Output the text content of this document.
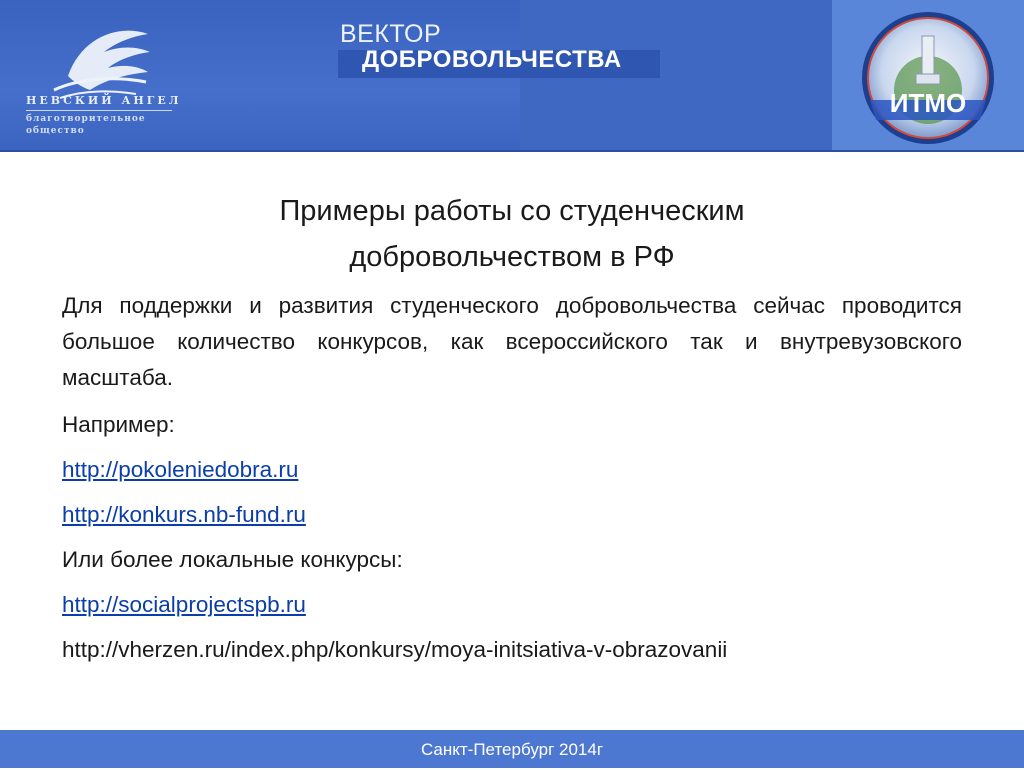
НЕВСКИЙ АНГЕЛ
благотворительное
общество
ВЕКТОР
ДОБРОВОЛЬЧЕСТВА
ИТМО
Примеры работы со студенческим
добровольчеством в РФ

Для поддержки и развития студенческого добровольчества сейчас проводится большое количество конкурсов, как всероссийского так и внутревузовского масштаба.

Например:

http://pokoleniedobra.ru

http://konkurs.nb-fund.ru

Или более локальные конкурсы:

http://socialprojectspb.ru

http://vherzen.ru/index.php/konkursy/moya-initsiativa-v-obrazovanii

Санкт-Петербург 2014г
